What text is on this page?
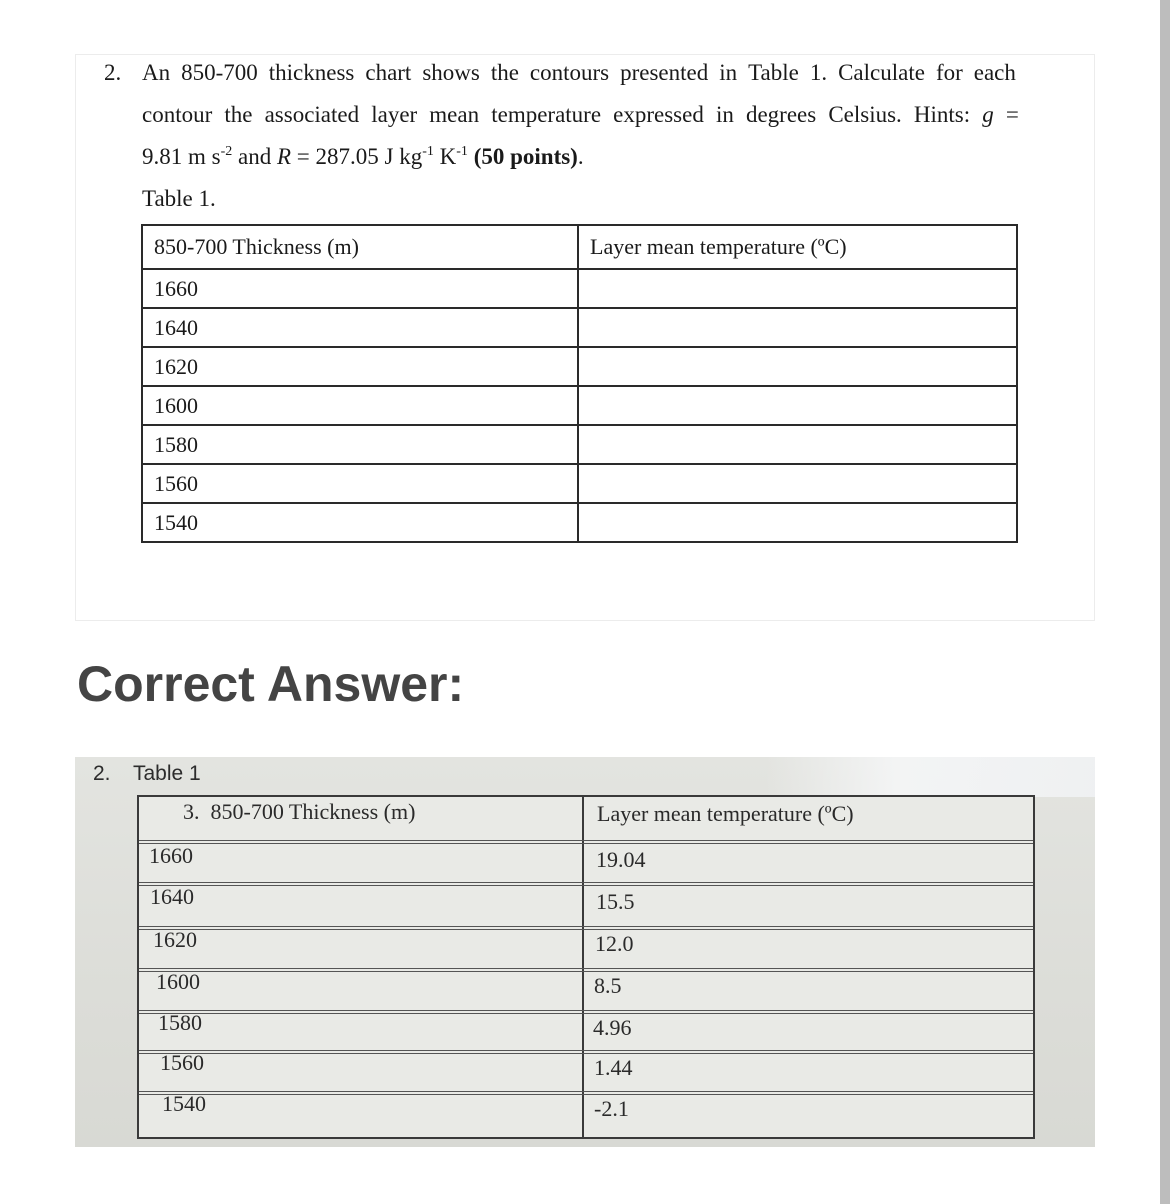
2. An 850-700 thickness chart shows the contours presented in Table 1. Calculate for each
contour the associated layer mean temperature expressed in degrees Celsius. Hints: g =
9.81 m $s^{-2}$ and R = 287.05 J $kg^{-1}$ $K^{-1}$ (50 points).
Table 1.
850-700 Thickness (m)	Layer mean temperature (ºC)
1660	
1640	
1620	
1600	
1580	
1560	
1540	
Correct Answer:
2. Table 1
3.  850-700 Thickness (m)	Layer mean temperature (ºC)
1660	19.04
1640	15.5
1620	12.0
1600	8.5
1580	4.96
1560	1.44
1540	-2.1
